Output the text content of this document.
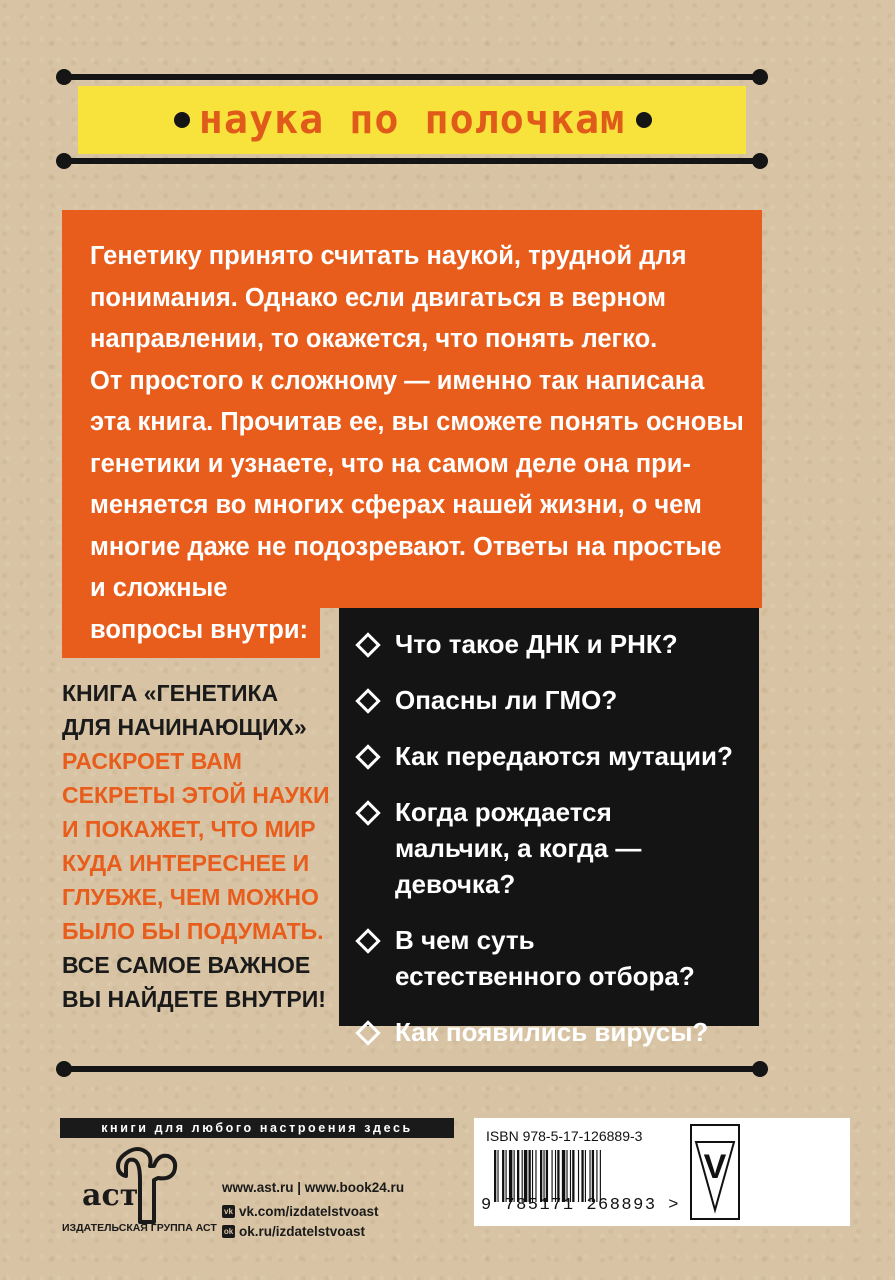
наука по полочкам
Генетику принято считать наукой, трудной для
понимания. Однако если двигаться в верном
направлении, то окажется, что понять легко.
От простого к сложному — именно так написана
эта книга. Прочитав ее, вы сможете понять основы
генетики и узнаете, что на самом деле она при-
меняется во многих сферах нашей жизни, о чем
многие даже не подозревают. Ответы на простые
и сложные
вопросы внутри:	Что такое ДНК и РНК?
Опасны ли ГМО?
Как передаются мутации?
Когда рождается мальчик, а когда — девочка?
В чем суть естественного отбора?
Как появились вирусы?
КНИГА «ГЕНЕТИКА ДЛЯ НАЧИНАЮЩИХ» РАСКРОЕТ ВАМ СЕКРЕТЫ ЭТОЙ НАУКИ И ПОКАЖЕТ, ЧТО МИР КУДА ИНТЕРЕСНЕЕ И ГЛУБЖЕ, ЧЕМ МОЖНО БЫЛО БЫ ПОДУМАТЬ. ВСЕ САМОЕ ВАЖНОЕ ВЫ НАЙДЕТЕ ВНУТРИ!
книги для любого настроения здесь
аст
ИЗДАТЕЛЬСКАЯ ГРУППА АСТ
www.ast.ru | www.book24.ru
vk vk.com/izdatelstvoast
ok ok.ru/izdatelstvoast
ISBN 978-5-17-126889-3
9 785171 268893 >
V
